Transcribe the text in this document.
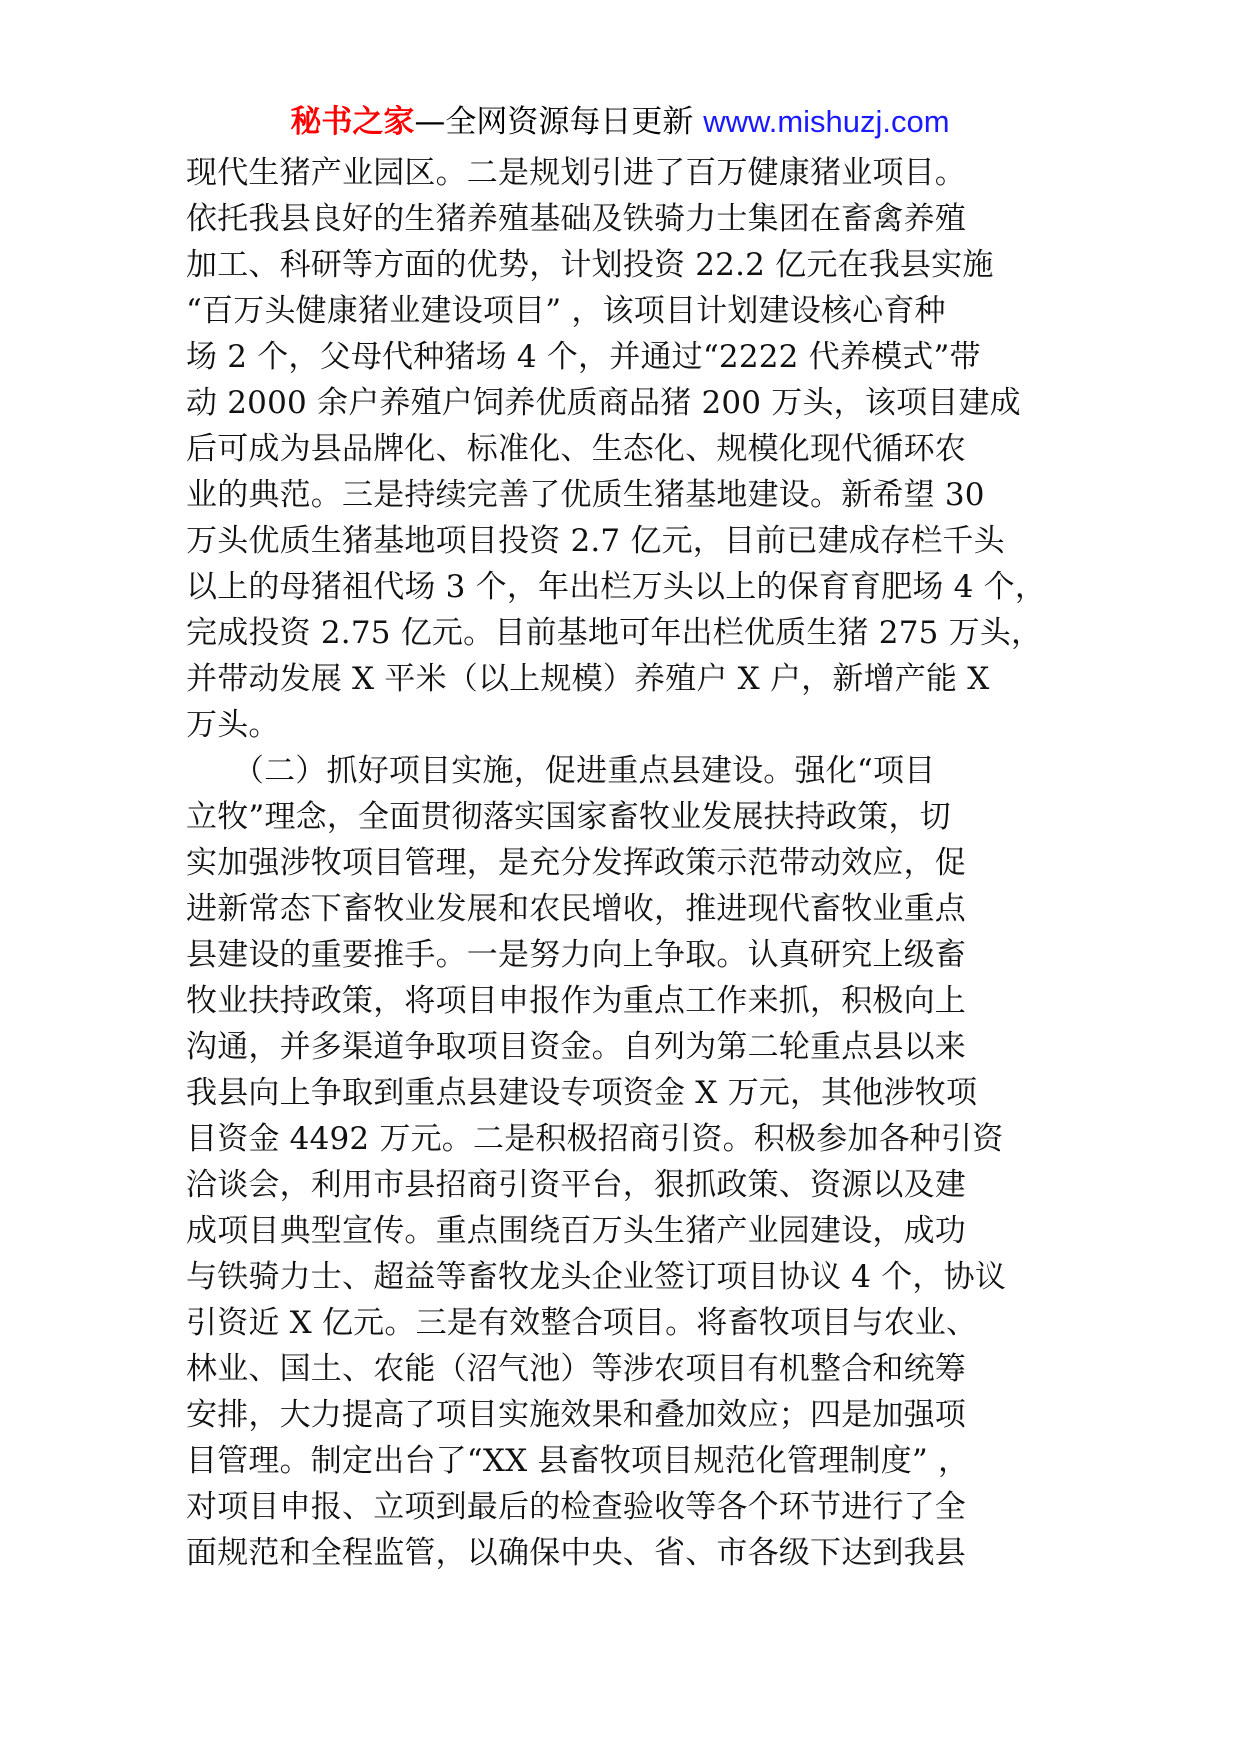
秘书之家—全网资源每日更新 www.mishuzj.com
现代生猪产业园区。二是规划引进了百万健康猪业项目。
依托我县良好的生猪养殖基础及铁骑力士集团在畜禽养殖
加工、科研等方面的优势，计划投资 22.2 亿元在我县实施
“百万头健康猪业建设项目” ，该项目计划建设核心育种
场 2 个，父母代种猪场 4 个，并通过“2222 代养模式”带
动 2000 余户养殖户饲养优质商品猪 200 万头，该项目建成
后可成为县品牌化、标准化、生态化、规模化现代循环农
业的典范。三是持续完善了优质生猪基地建设。新希望 30
万头优质生猪基地项目投资 2.7 亿元，目前已建成存栏千头
以上的母猪祖代场 3 个，年出栏万头以上的保育育肥场 4 个，
完成投资 2.75 亿元。目前基地可年出栏优质生猪 275 万头，
并带动发展 X 平米（以上规模）养殖户 X 户，新增产能 X
万头。
　　（二）抓好项目实施，促进重点县建设。强化“项目
立牧”理念，全面贯彻落实国家畜牧业发展扶持政策，切
实加强涉牧项目管理，是充分发挥政策示范带动效应，促
进新常态下畜牧业发展和农民增收，推进现代畜牧业重点
县建设的重要推手。一是努力向上争取。认真研究上级畜
牧业扶持政策，将项目申报作为重点工作来抓，积极向上
沟通，并多渠道争取项目资金。自列为第二轮重点县以来
我县向上争取到重点县建设专项资金 X 万元，其他涉牧项
目资金 4492 万元。二是积极招商引资。积极参加各种引资
洽谈会，利用市县招商引资平台，狠抓政策、资源以及建
成项目典型宣传。重点围绕百万头生猪产业园建设，成功
与铁骑力士、超益等畜牧龙头企业签订项目协议 4 个，协议
引资近 X 亿元。三是有效整合项目。将畜牧项目与农业、
林业、国土、农能（沼气池）等涉农项目有机整合和统筹
安排，大力提高了项目实施效果和叠加效应；四是加强项
目管理。制定出台了“XX 县畜牧项目规范化管理制度” ，
对项目申报、立项到最后的检查验收等各个环节进行了全
面规范和全程监管，以确保中央、省、市各级下达到我县
